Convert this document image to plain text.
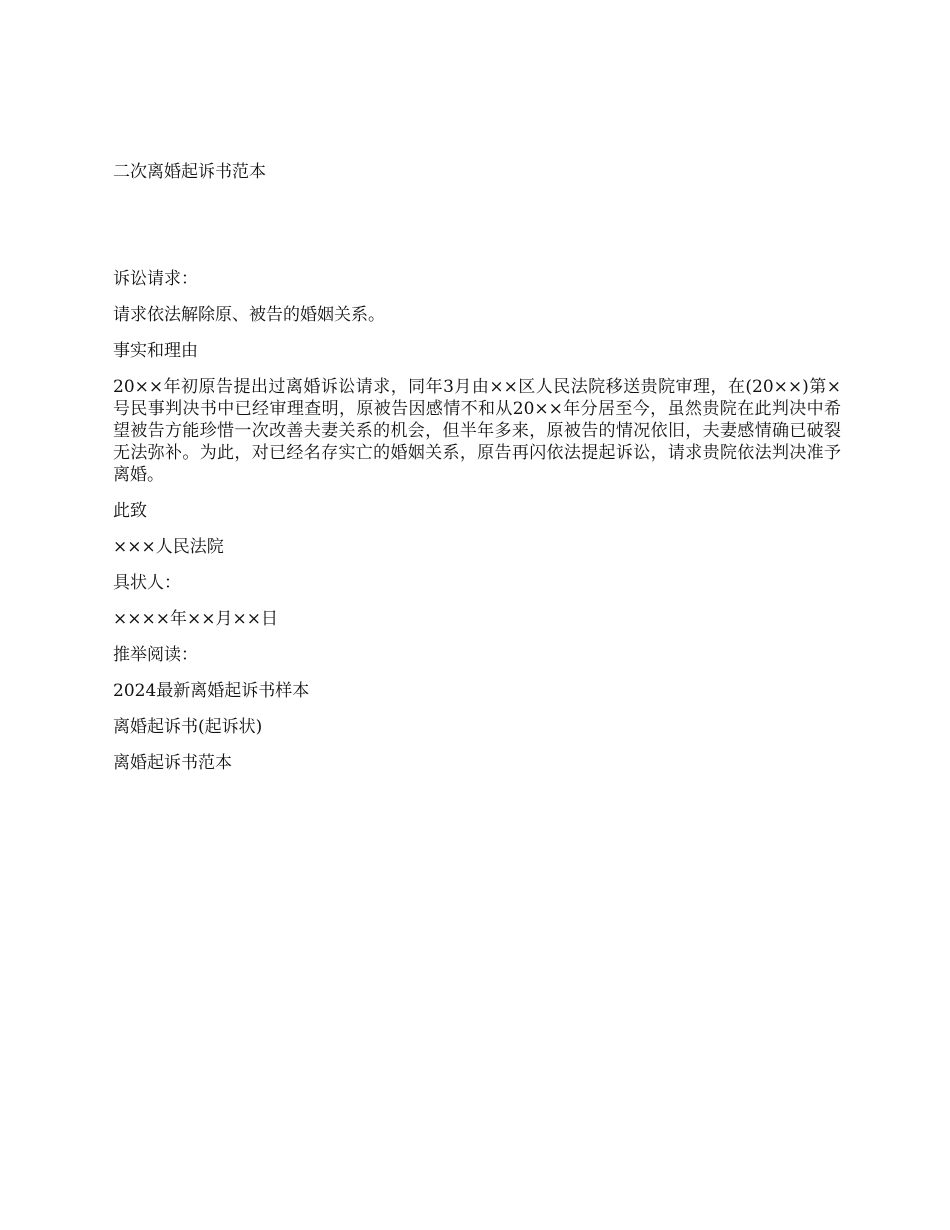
二次离婚起诉书范本

诉讼请求：

请求依法解除原、被告的婚姻关系。

事实和理由

20××年初原告提出过离婚诉讼请求，同年3月由××区人民法院移送贵院审理，在(20××)第×号民事判决书中已经审理查明，原被告因感情不和从20××年分居至今，虽然贵院在此判决中希望被告方能珍惜一次改善夫妻关系的机会，但半年多来，原被告的情况依旧，夫妻感情确已破裂无法弥补。为此，对已经名存实亡的婚姻关系，原告再闪依法提起诉讼，请求贵院依法判决准予离婚。

此致

×××人民法院

具状人：

××××年××月××日

推举阅读：

2024最新离婚起诉书样本

离婚起诉书(起诉状)

离婚起诉书范本
